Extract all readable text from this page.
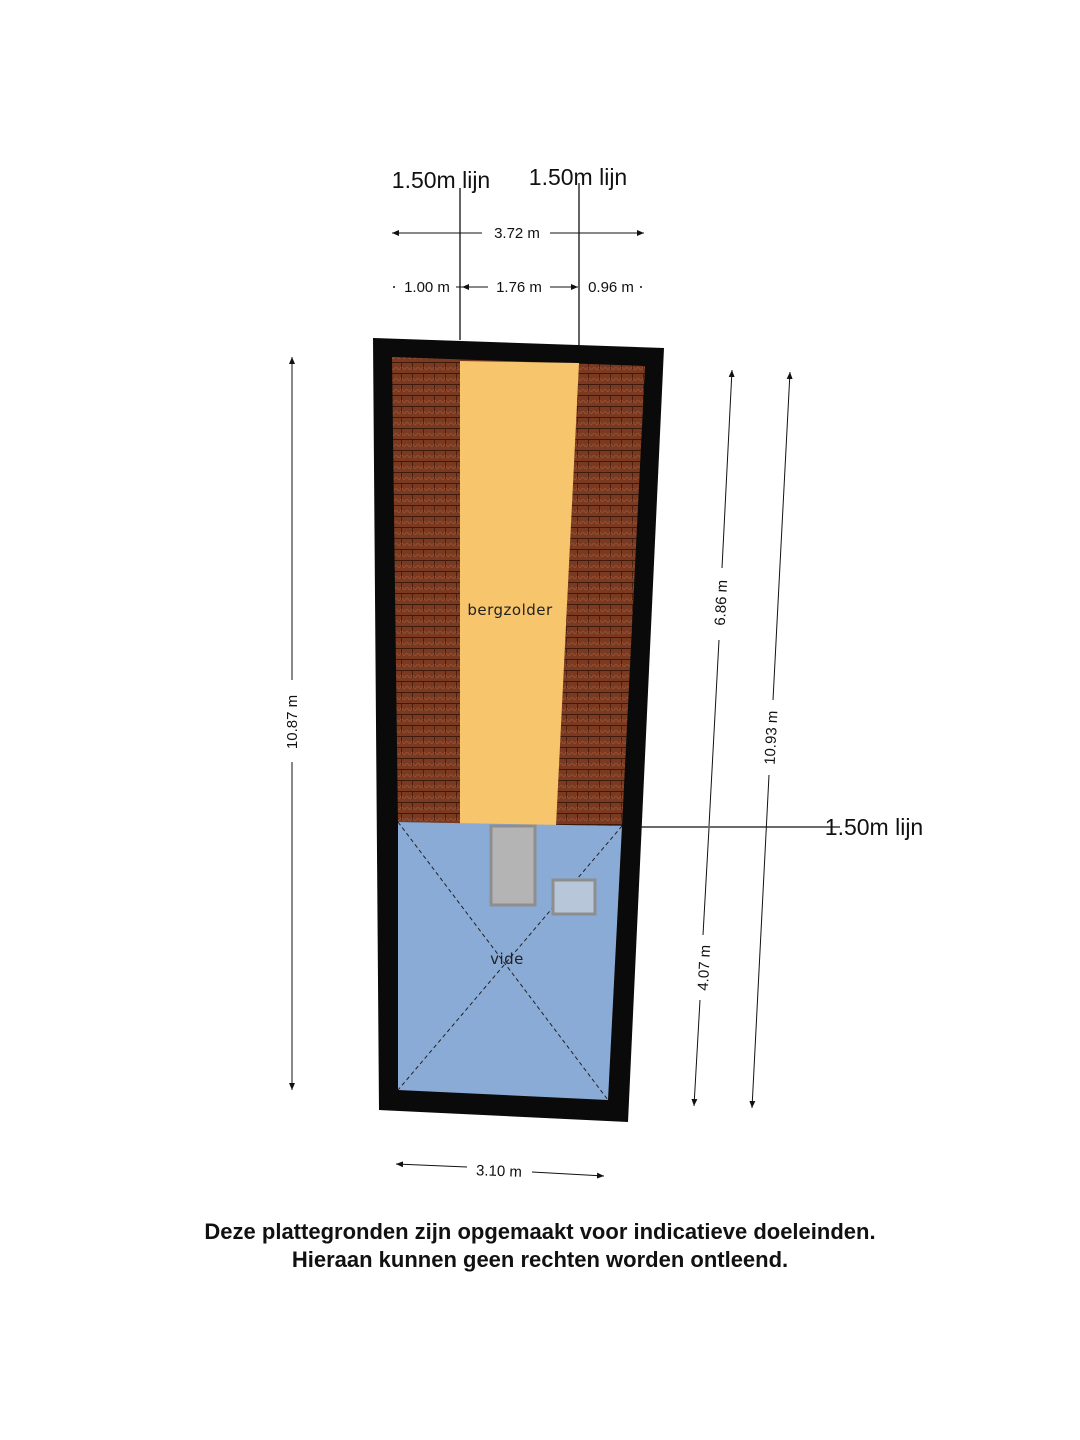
bergzolder
vide
1.50m lijn 1.50m lijn
3.72 m
1.00 m	1.76 m	0.96 m
10.87 m
1.50m lijn
6.86 m
4.07 m
10.93 m
3.10 m
Deze plattegronden zijn opgemaakt voor indicatieve doeleinden.
Hieraan kunnen geen rechten worden ontleend.
